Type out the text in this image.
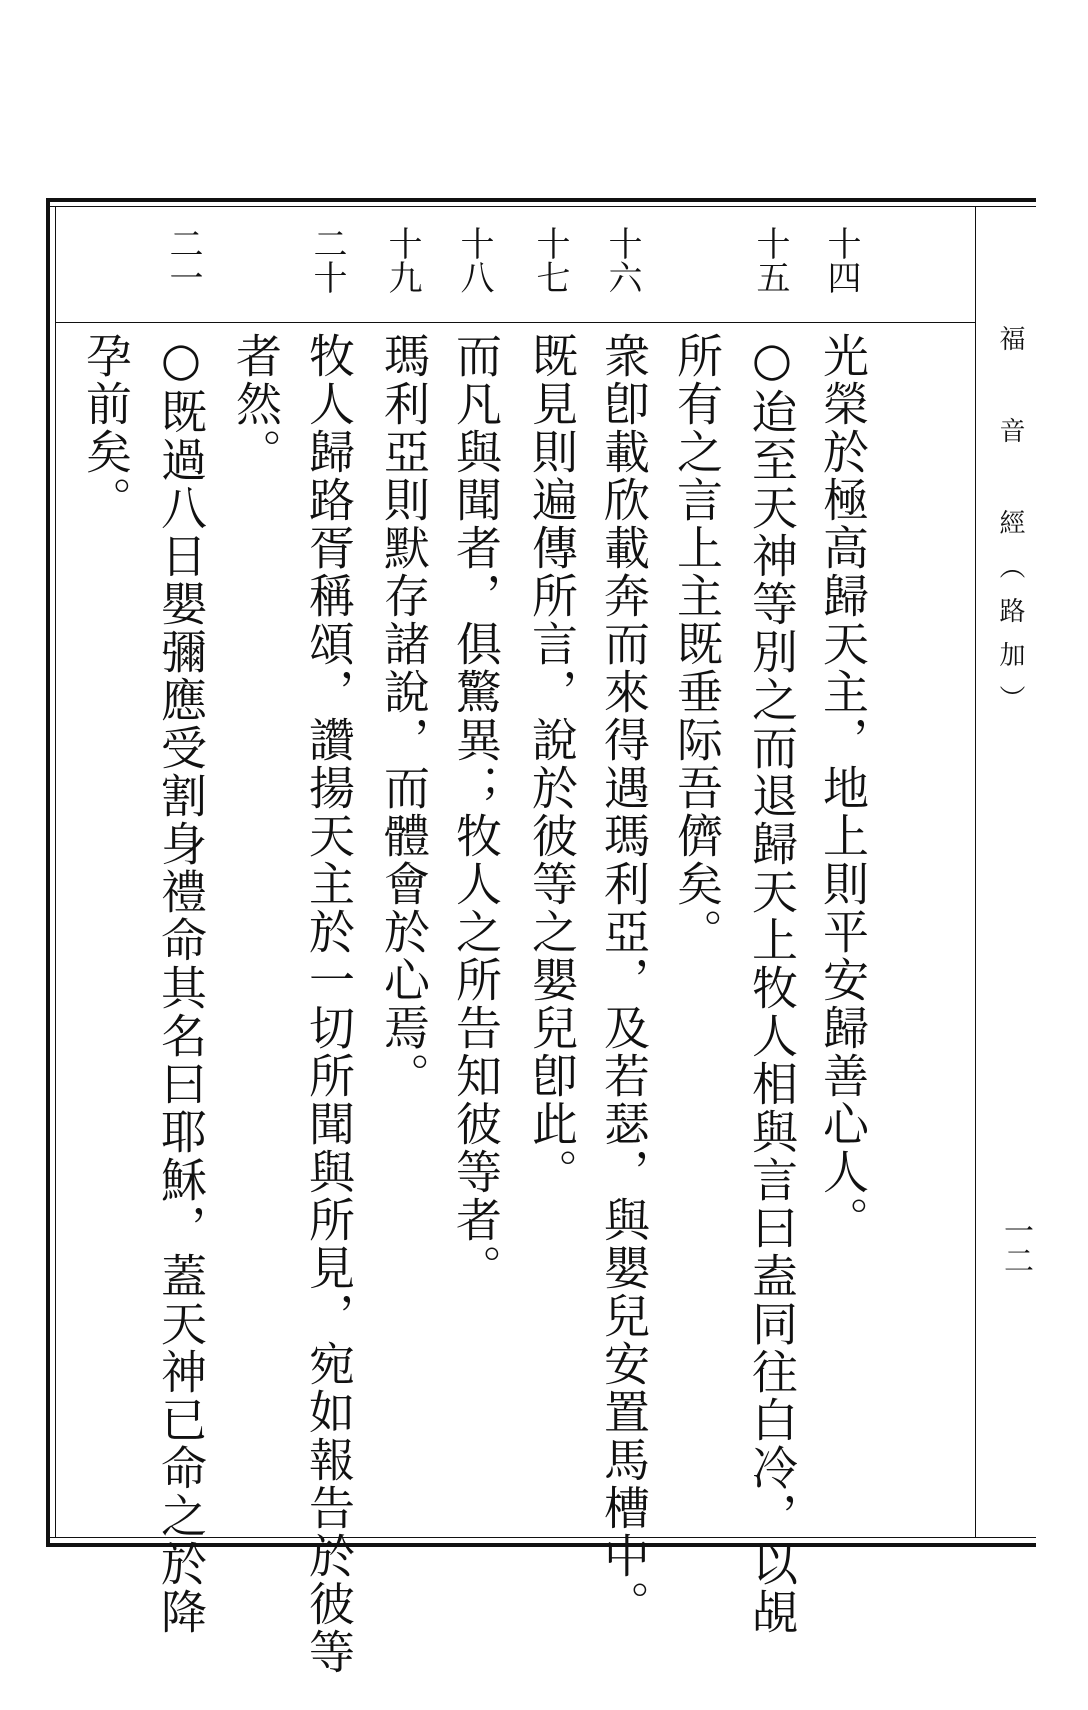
十四
十五
十六
十七
十八
十九
二十
二一
光榮於極高歸天主，地上則平安歸善心人。
○迨至天神等別之而退歸天上牧人相與言曰盍同往白冷，以覘
所有之言上主既垂际吾儕矣。
衆卽載欣載奔而來得遇瑪利亞，及若瑟，與嬰兒安置馬槽中。
既見則遍傳所言，說於彼等之嬰兒卽此。
而凡與聞者，俱驚異；牧人之所告知彼等者。
瑪利亞則默存諸說，而體會於心焉。
牧人歸路胥稱頌，讚揚天主於一切所聞與所見，宛如報告於彼等
者然。
○既過八日嬰彌應受割身禮命其名曰耶穌，蓋天神已命之於降
孕前矣。	福 音 經（路加）
一二
